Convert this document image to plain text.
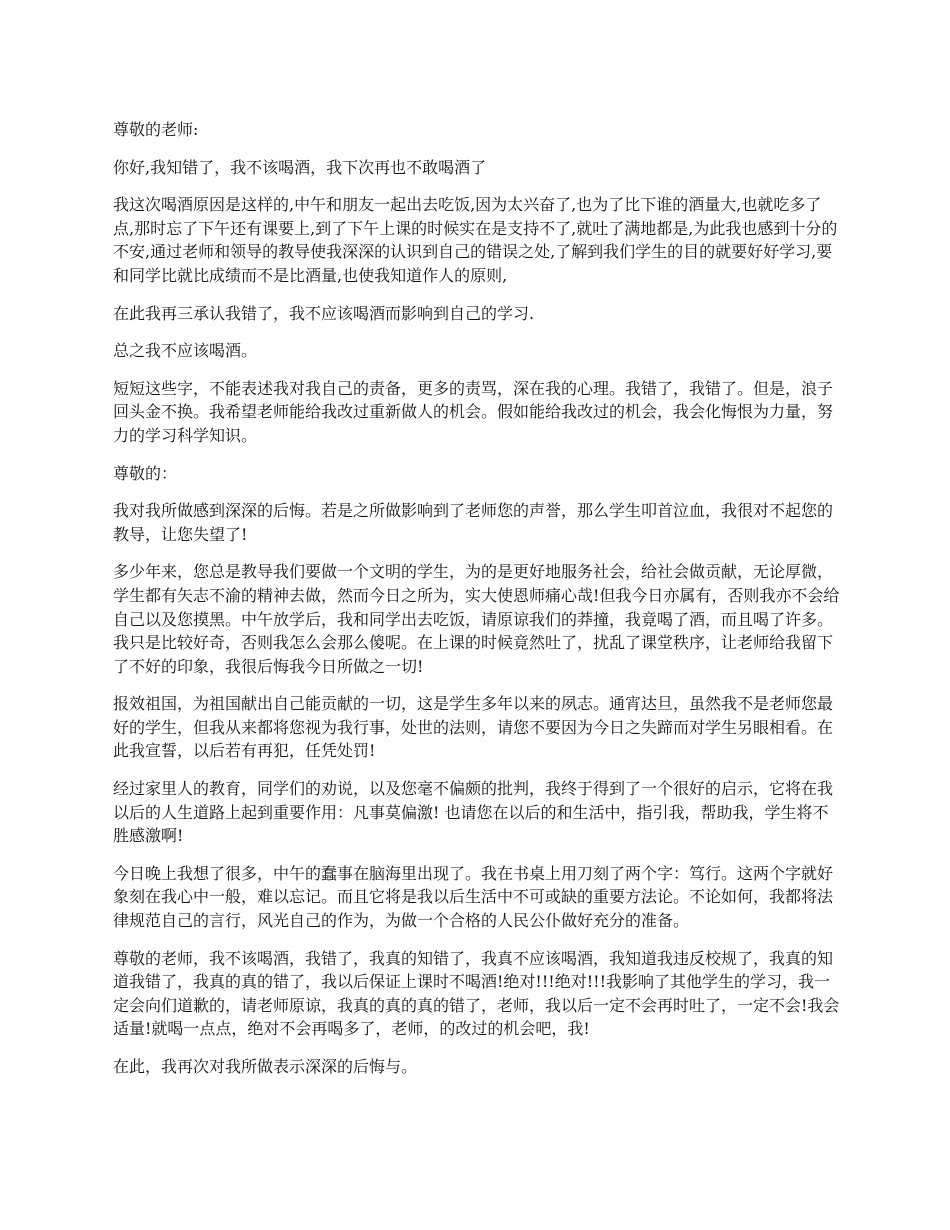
尊敬的老师:

你好,我知错了，我不该喝酒，我下次再也不敢喝酒了

我这次喝酒原因是这样的,中午和朋友一起出去吃饭,因为太兴奋了,也为了比下谁的酒量大,也就吃多了点,那时忘了下午还有课要上,到了下午上课的时候实在是支持不了,就吐了满地都是,为此我也感到十分的不安,通过老师和领导的教导使我深深的认识到自己的错误之处,了解到我们学生的目的就要好好学习,要和同学比就比成绩而不是比酒量,也使我知道作人的原则,

在此我再三承认我错了，我不应该喝酒而影响到自己的学习.

总之我不应该喝酒。

短短这些字，不能表述我对我自己的责备，更多的责骂，深在我的心理。我错了，我错了。但是，浪子回头金不换。我希望老师能给我改过重新做人的机会。假如能给我改过的机会，我会化悔恨为力量，努力的学习科学知识。

尊敬的：

我对我所做感到深深的后悔。若是之所做影响到了老师您的声誉，那么学生叩首泣血，我很对不起您的教导，让您失望了!

多少年来，您总是教导我们要做一个文明的学生，为的是更好地服务社会，给社会做贡献，无论厚微，学生都有矢志不渝的精神去做，然而今日之所为，实大使恩师痛心哉!但我今日亦属有，否则我亦不会给自己以及您摸黑。中午放学后，我和同学出去吃饭，请原谅我们的莽撞，我竟喝了酒，而且喝了许多。我只是比较好奇，否则我怎么会那么傻呢。在上课的时候竟然吐了，扰乱了课堂秩序，让老师给我留下了不好的印象，我很后悔我今日所做之一切!

报效祖国，为祖国献出自己能贡献的一切，这是学生多年以来的夙志。通宵达旦，虽然我不是老师您最好的学生，但我从来都将您视为我行事，处世的法则，请您不要因为今日之失蹄而对学生另眼相看。在此我宣誓，以后若有再犯，任凭处罚!

经过家里人的教育，同学们的劝说，以及您毫不偏颇的批判，我终于得到了一个很好的启示，它将在我以后的人生道路上起到重要作用：凡事莫偏激! 也请您在以后的和生活中，指引我，帮助我，学生将不胜感激啊!

今日晚上我想了很多，中午的蠢事在脑海里出现了。我在书桌上用刀刻了两个字：笃行。这两个字就好象刻在我心中一般，难以忘记。而且它将是我以后生活中不可或缺的重要方法论。不论如何，我都将法律规范自己的言行，风光自己的作为，为做一个合格的人民公仆做好充分的准备。

尊敬的老师，我不该喝酒，我错了，我真的知错了，我真不应该喝酒，我知道我违反校规了，我真的知道我错了，我真的真的错了，我以后保证上课时不喝酒!绝对!!!绝对!!!我影响了其他学生的学习，我一定会向们道歉的，请老师原谅，我真的真的真的错了，老师，我以后一定不会再时吐了，一定不会!我会适量!就喝一点点，绝对不会再喝多了，老师，的改过的机会吧，我!

在此，我再次对我所做表示深深的后悔与。
